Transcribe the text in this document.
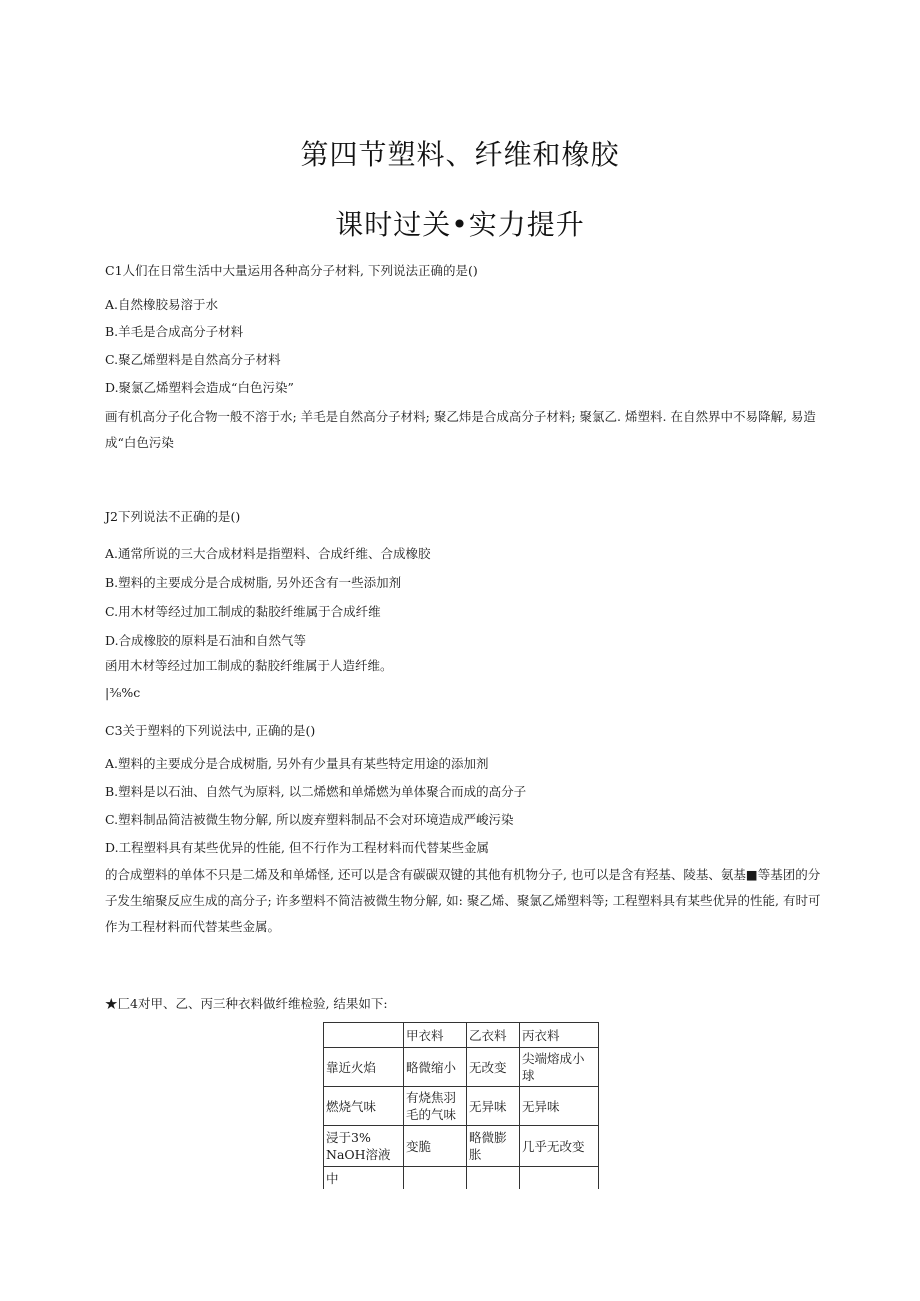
第四节塑料、纤维和橡胶
课时过关•实力提升
C1人们在日常生活中大量运用各种高分子材料, 下列说法正确的是()
A.自然橡胶易溶于水
B.羊毛是合成高分子材料
C.聚乙烯塑料是自然高分子材料
D.聚氯乙烯塑料会造成“白色污染”
画有机高分子化合物一般不溶于水; 羊毛是自然高分子材料; 聚乙炜是合成高分子材料; 聚氯乙. 烯塑料. 在自然界中不易降解, 易造成“白色污染
J2下列说法不正确的是()
A.通常所说的三大合成材料是指塑料、合成纤维、合成橡胶
B.塑料的主要成分是合成树脂, 另外还含有一些添加剂
C.用木材等经过加工制成的黏胶纤维属于合成纤维
D.合成橡胶的原料是石油和自然气等
函用木材等经过加工制成的黏胶纤维属于人造纤维。
|⅜%c
C3关于塑料的下列说法中, 正确的是()
A.塑料的主要成分是合成树脂, 另外有少量具有某些特定用途的添加剂
B.塑料是以石油、自然气为原料, 以二烯燃和单烯燃为单体聚合而成的高分子
C.塑料制品简洁被微生物分解, 所以废弃塑料制品不会对环境造成严峻污染
D.工程塑料具有某些优异的性能, 但不行作为工程材料而代替某些金属
的合成塑料的单体不只是二烯及和单烯怪, 还可以是含有碳碳双键的其他有机物分子, 也可以是含有羟基、陵基、氨基■等基团的分子发生缩聚反应生成的高分子; 许多塑料不简洁被微生物分解, 如: 聚乙烯、聚氯乙烯塑料等; 工程塑料具有某些优异的性能, 有时可作为工程材料而代替某些金属。
★匚4对甲、乙、丙三种衣料做纤维检验, 结果如下:
	甲衣料	乙衣料	丙衣料
靠近火焰	略微缩小	无改变	尖端熔成小球
燃烧气味	有烧焦羽毛的气味	无异味	无异味
浸于3% NaOH溶液	变脆	略微膨胀	几乎无改变
中			
